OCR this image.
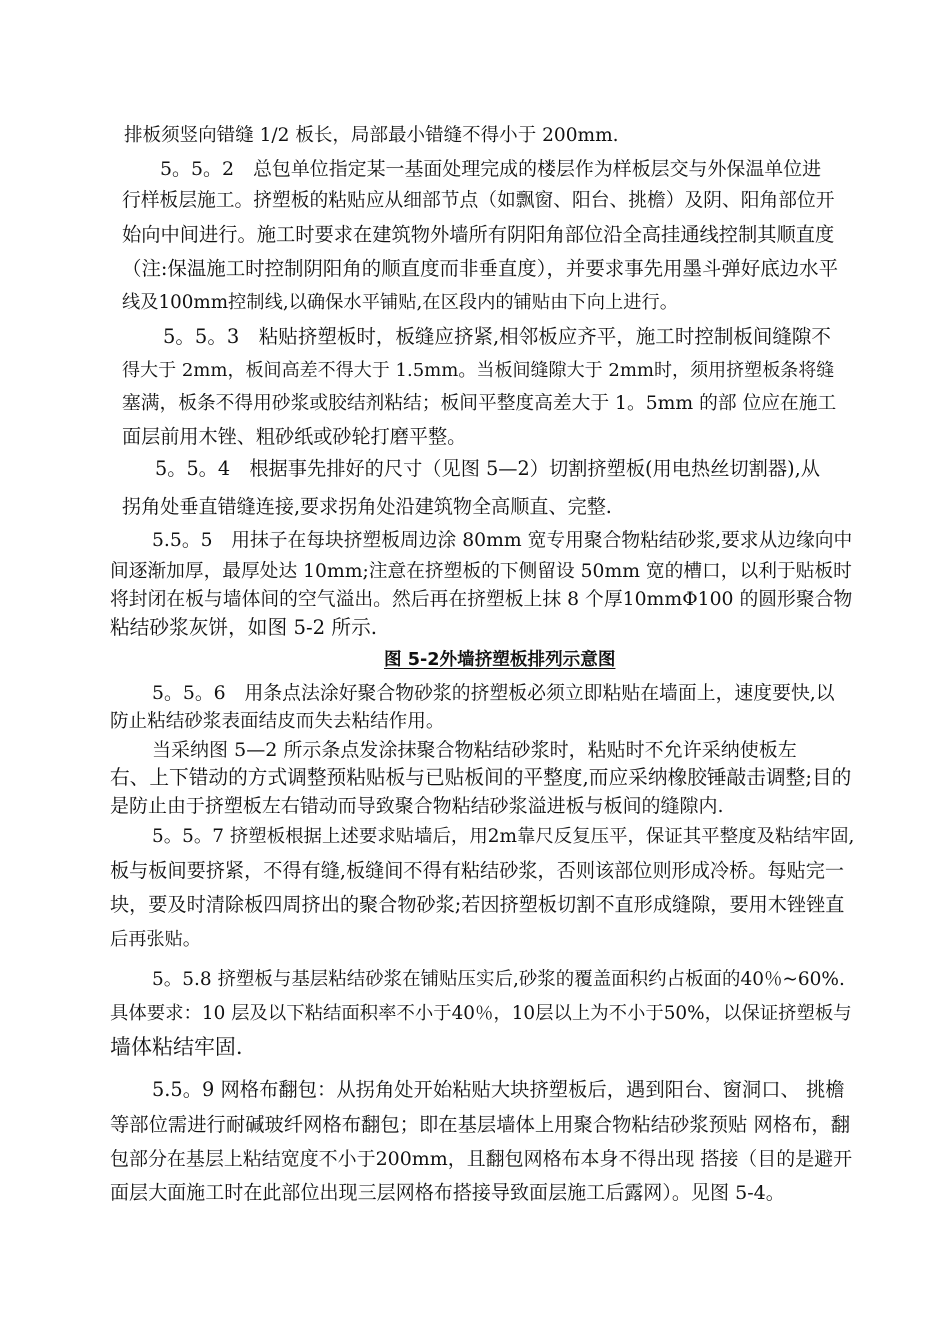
排板须竖向错缝 1/2 板长，局部最小错缝不得小于 200mm.
5。5。2　总包单位指定某一基面处理完成的楼层作为样板层交与外保温单位进
行样板层施工。挤塑板的粘贴应从细部节点（如飘窗、阳台、挑檐）及阴、阳角部位开
始向中间进行。施工时要求在建筑物外墙所有阴阳角部位沿全高挂通线控制其顺直度
（注:保温施工时控制阴阳角的顺直度而非垂直度），并要求事先用墨斗弹好底边水平
线及100mm控制线,以确保水平铺贴,在区段内的铺贴由下向上进行。
5。5。3　粘贴挤塑板时，板缝应挤紧,相邻板应齐平，施工时控制板间缝隙不
得大于 2mm，板间高差不得大于 1.5mm。当板间缝隙大于 2mm时，须用挤塑板条将缝
塞满，板条不得用砂浆或胶结剂粘结；板间平整度高差大于 1。5mm 的部 位应在施工
面层前用木锉、粗砂纸或砂轮打磨平整。
5。5。4　根据事先排好的尺寸（见图 5—2）切割挤塑板(用电热丝切割器),从
拐角处垂直错缝连接,要求拐角处沿建筑物全高顺直、完整.
5.5。5　用抹子在每块挤塑板周边涂 80mm 宽专用聚合物粘结砂浆,要求从边缘向中
间逐渐加厚，最厚处达 10mm;注意在挤塑板的下侧留设 50mm 宽的槽口，以利于贴板时
将封闭在板与墙体间的空气溢出。然后再在挤塑板上抹 8 个厚10mmΦ100 的圆形聚合物
粘结砂浆灰饼，如图 5-2 所示.
图 5-2外墙挤塑板排列示意图
5。5。6　用条点法涂好聚合物砂浆的挤塑板必须立即粘贴在墙面上，速度要快,以
防止粘结砂浆表面结皮而失去粘结作用。
当采纳图 5—2 所示条点发涂抹聚合物粘结砂浆时，粘贴时不允许采纳使板左
右、上下错动的方式调整预粘贴板与已贴板间的平整度,而应采纳橡胶锤敲击调整;目的
是防止由于挤塑板左右错动而导致聚合物粘结砂浆溢进板与板间的缝隙内.
5。5。7 挤塑板根据上述要求贴墙后，用2m靠尺反复压平，保证其平整度及粘结牢固,
板与板间要挤紧，不得有缝,板缝间不得有粘结砂浆，否则该部位则形成冷桥。每贴完一
块，要及时清除板四周挤出的聚合物砂浆;若因挤塑板切割不直形成缝隙，要用木锉锉直
后再张贴。
5。5.8 挤塑板与基层粘结砂浆在铺贴压实后,砂浆的覆盖面积约占板面的40％~60%.
具体要求：10 层及以下粘结面积率不小于40％，10层以上为不小于50%，以保证挤塑板与
墙体粘结牢固.
5.5。9 网格布翻包：从拐角处开始粘贴大块挤塑板后，遇到阳台、窗洞口、 挑檐
等部位需进行耐碱玻纤网格布翻包；即在基层墙体上用聚合物粘结砂浆预贴 网格布，翻
包部分在基层上粘结宽度不小于200mm，且翻包网格布本身不得出现 搭接（目的是避开
面层大面施工时在此部位出现三层网格布搭接导致面层施工后露网）。见图 5-4。
